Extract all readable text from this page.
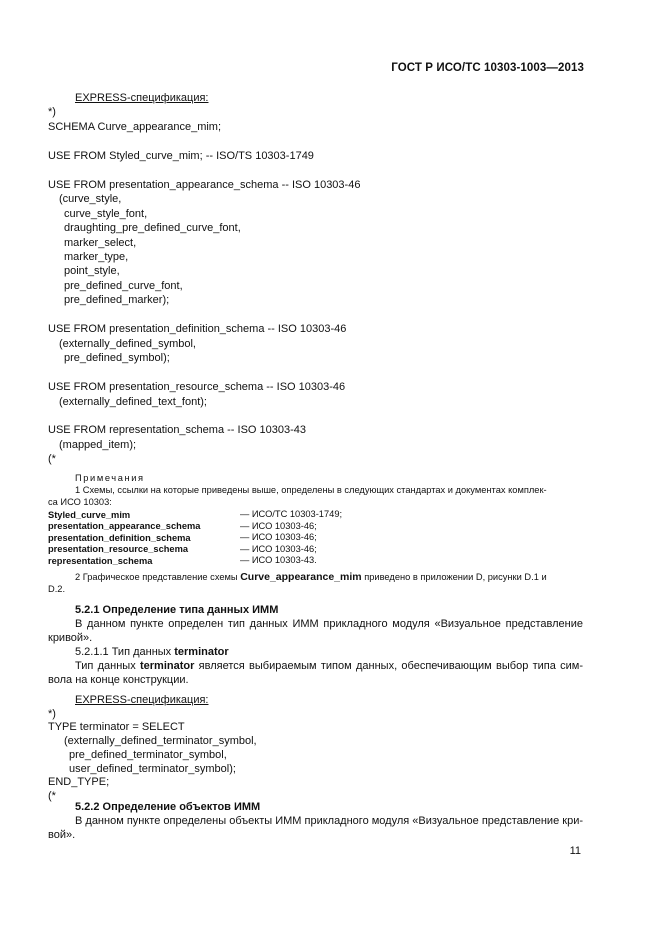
ГОСТ Р ИСО/ТС 10303-1003—2013
EXPRESS-спецификация:
*)
SCHEMA Curve_appearance_mim;
USE FROM Styled_curve_mim; -- ISO/TS 10303-1749
USE FROM presentation_appearance_schema -- ISO 10303-46
(curve_style,
curve_style_font,
draughting_pre_defined_curve_font,
marker_select,
marker_type,
point_style,
pre_defined_curve_font,
pre_defined_marker);
USE FROM presentation_definition_schema -- ISO 10303-46
(externally_defined_symbol,
pre_defined_symbol);
USE FROM presentation_resource_schema -- ISO 10303-46
(externally_defined_text_font);
USE FROM representation_schema -- ISO 10303-43
(mapped_item);
(*
Примечания
1 Схемы, ссылки на которые приведены выше, определены в следующих стандартах и документах комплек-
са ИСО 10303:
Styled_curve_mim	— ИСО/ТС 10303-1749;
presentation_appearance_schema	— ИСО 10303-46;
presentation_definition_schema	— ИСО 10303-46;
presentation_resource_schema	— ИСО 10303-46;
representation_schema	— ИСО 10303-43.
2 Графическое представление схемы Curve_appearance_mim приведено в приложении D, рисунки D.1 и
D.2.
5.2.1 Определение типа данных ИММ
В данном пункте определен тип данных ИММ прикладного модуля «Визуальное представление кривой».
5.2.1.1 Тип данных terminator
Тип данных terminator является выбираемым типом данных, обеспечивающим выбор типа сим-вола на конце конструкции.
EXPRESS-спецификация:
*)
TYPE terminator = SELECT
(externally_defined_terminator_symbol,
pre_defined_terminator_symbol,
user_defined_terminator_symbol);
END_TYPE;
(*
5.2.2 Определение объектов ИММ
В данном пункте определены объекты ИММ прикладного модуля «Визуальное представление кри-вой».
11
